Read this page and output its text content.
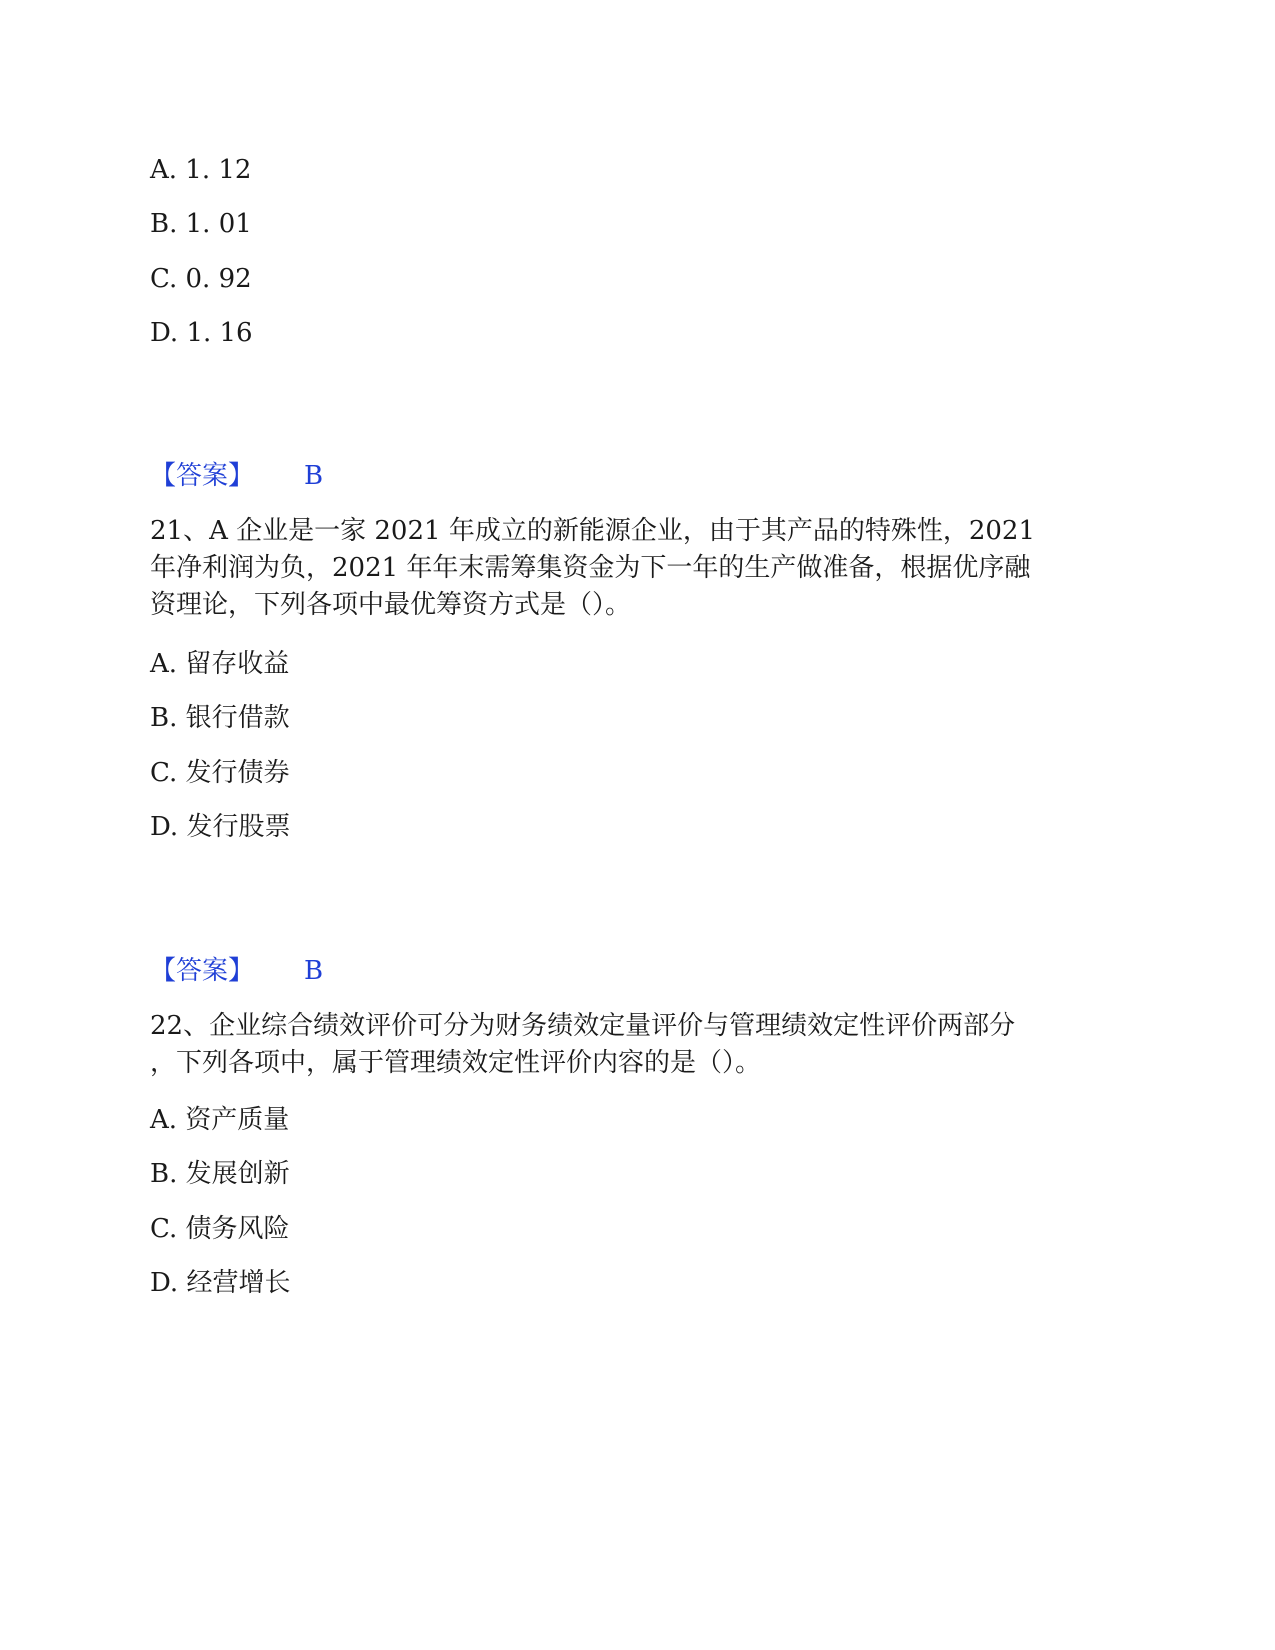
A. 1. 12
B. 1. 01
C. 0. 92
D. 1. 16
【答案】 B
21、A 企业是一家 2021 年成立的新能源企业，由于其产品的特殊性，2021
年净利润为负，2021 年年末需筹集资金为下一年的生产做准备，根据优序融
资理论，下列各项中最优筹资方式是（）。
A. 留存收益
B. 银行借款
C. 发行债券
D. 发行股票
【答案】 B
22、企业综合绩效评价可分为财务绩效定量评价与管理绩效定性评价两部分
，下列各项中，属于管理绩效定性评价内容的是（）。
A. 资产质量
B. 发展创新
C. 债务风险
D. 经营增长
